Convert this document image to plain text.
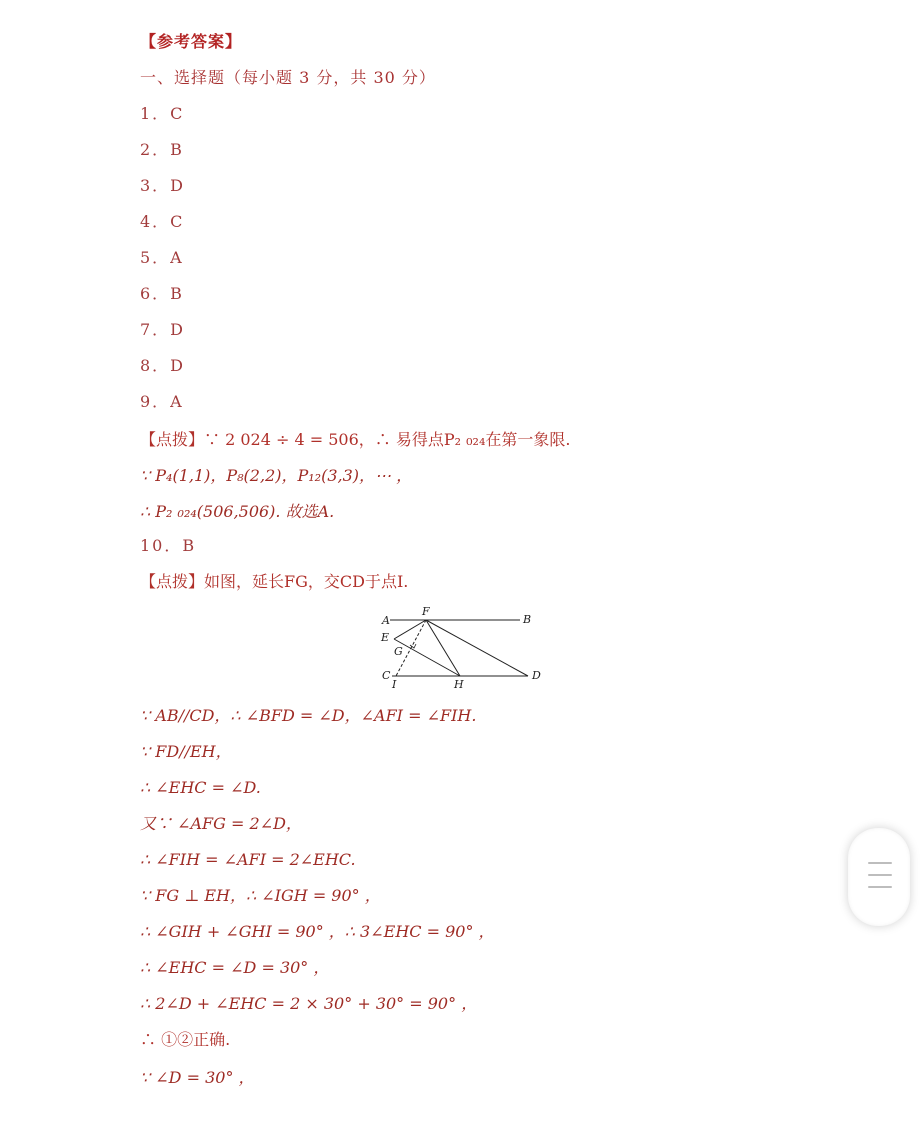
【参考答案】
一、选择题（每小题 3 分，共 30 分）
1．C
2．B
3．D
4．C
5．A
6．B
7．D
8．D
9．A
【点拨】∵ 2 024 ÷ 4 = 506，∴ 易得点P₂ ₀₂₄在第一象限.
∵ P₄(1,1)，P₈(2,2)，P₁₂(3,3)，⋯ ，
∴ P₂ ₀₂₄(506,506). 故选A.
10．B
【点拨】如图，延长FG，交CD于点I.
A
F
B
E
G
C
I	H
D
∵ AB//CD，∴ ∠BFD = ∠D，∠AFI = ∠FIH.
∵ FD//EH，
∴ ∠EHC = ∠D.
又∵ ∠AFG = 2∠D，
∴ ∠FIH = ∠AFI = 2∠EHC.
∵ FG ⊥ EH，∴ ∠IGH = 90° ，
∴ ∠GIH + ∠GHI = 90° ，∴ 3∠EHC = 90° ，
∴ ∠EHC = ∠D = 30° ，
∴ 2∠D + ∠EHC = 2 × 30° + 30° = 90° ，
∴ ①②正确.
∵ ∠D = 30° ，
